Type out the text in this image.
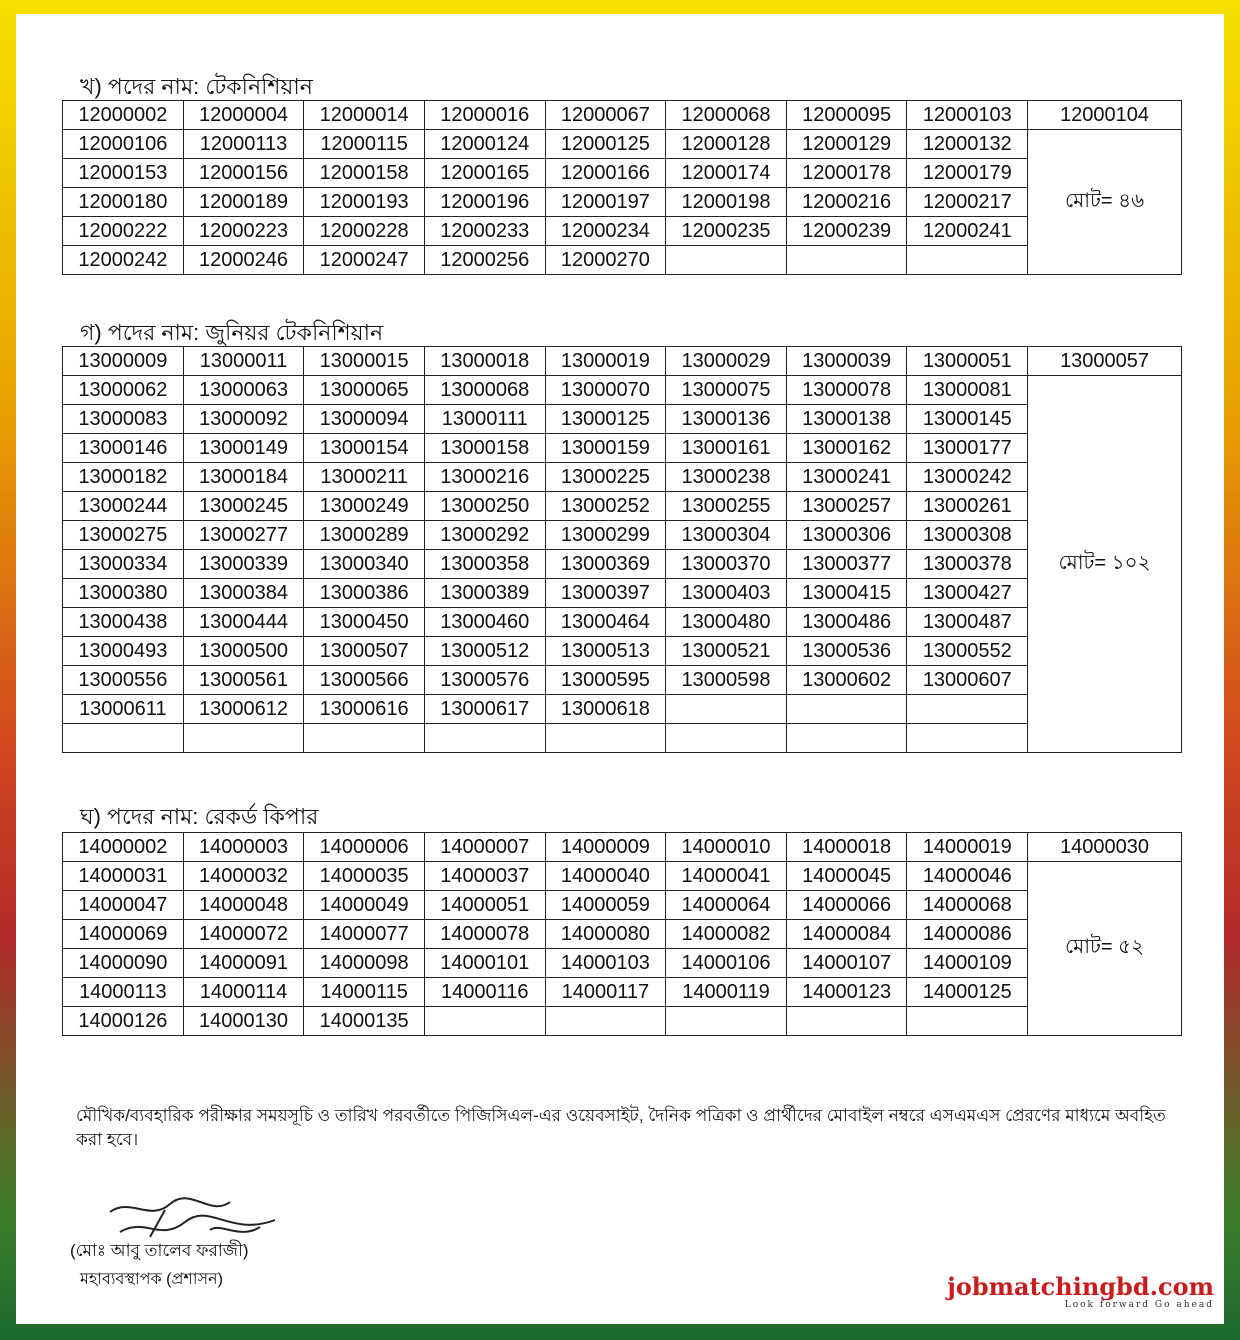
খ) পদের নাম: টেকনিশিয়ান
12000002	12000004	12000014	12000016	12000067	12000068	12000095	12000103	12000104
12000106	12000113	12000115	12000124	12000125	12000128	12000129	12000132	মোট= ৪৬
12000153	12000156	12000158	12000165	12000166	12000174	12000178	12000179	
12000180	12000189	12000193	12000196	12000197	12000198	12000216	12000217	
12000222	12000223	12000228	12000233	12000234	12000235	12000239	12000241	
12000242	12000246	12000247	12000256	12000270				
গ) পদের নাম: জুনিয়র টেকনিশিয়ান
13000009	13000011	13000015	13000018	13000019	13000029	13000039	13000051	13000057
13000062	13000063	13000065	13000068	13000070	13000075	13000078	13000081	মোট= ১০২
13000083	13000092	13000094	13000111	13000125	13000136	13000138	13000145	
13000146	13000149	13000154	13000158	13000159	13000161	13000162	13000177	
13000182	13000184	13000211	13000216	13000225	13000238	13000241	13000242	
13000244	13000245	13000249	13000250	13000252	13000255	13000257	13000261	
13000275	13000277	13000289	13000292	13000299	13000304	13000306	13000308	
13000334	13000339	13000340	13000358	13000369	13000370	13000377	13000378	
13000380	13000384	13000386	13000389	13000397	13000403	13000415	13000427	
13000438	13000444	13000450	13000460	13000464	13000480	13000486	13000487	
13000493	13000500	13000507	13000512	13000513	13000521	13000536	13000552	
13000556	13000561	13000566	13000576	13000595	13000598	13000602	13000607	
13000611	13000612	13000616	13000617	13000618				

ঘ) পদের নাম: রেকর্ড কিপার
14000002	14000003	14000006	14000007	14000009	14000010	14000018	14000019	14000030
14000031	14000032	14000035	14000037	14000040	14000041	14000045	14000046	মোট= ৫২
14000047	14000048	14000049	14000051	14000059	14000064	14000066	14000068	
14000069	14000072	14000077	14000078	14000080	14000082	14000084	14000086	
14000090	14000091	14000098	14000101	14000103	14000106	14000107	14000109	
14000113	14000114	14000115	14000116	14000117	14000119	14000123	14000125	
14000126	14000130	14000135						
মৌখিক/ব্যবহারিক পরীক্ষার সময়সূচি ও তারিখ পরবর্তীতে পিজিসিএল-এর ওয়েবসাইট, দৈনিক পত্রিকা ও প্রার্থীদের মোবাইল নম্বরে এসএমএস প্রেরণের মাধ্যমে অবহিত করা হবে।
(মোঃ আবু তালেব ফরাজী)
মহাব্যবস্থাপক (প্রশাসন)	jobmatchingbd.com
Look forward Go ahead
